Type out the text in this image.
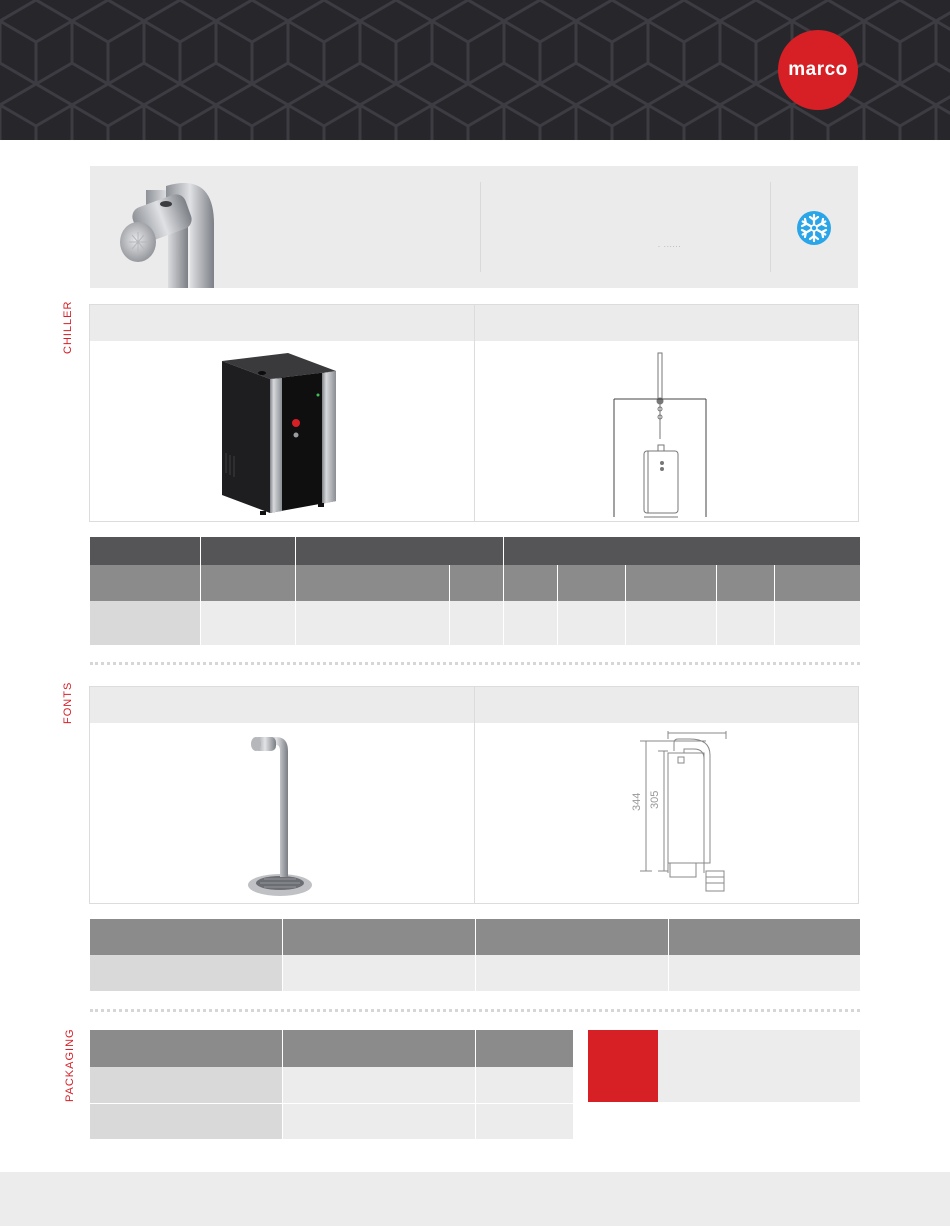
marco
. ......
CHILLER

FONTS
344 305

PACKAGING
